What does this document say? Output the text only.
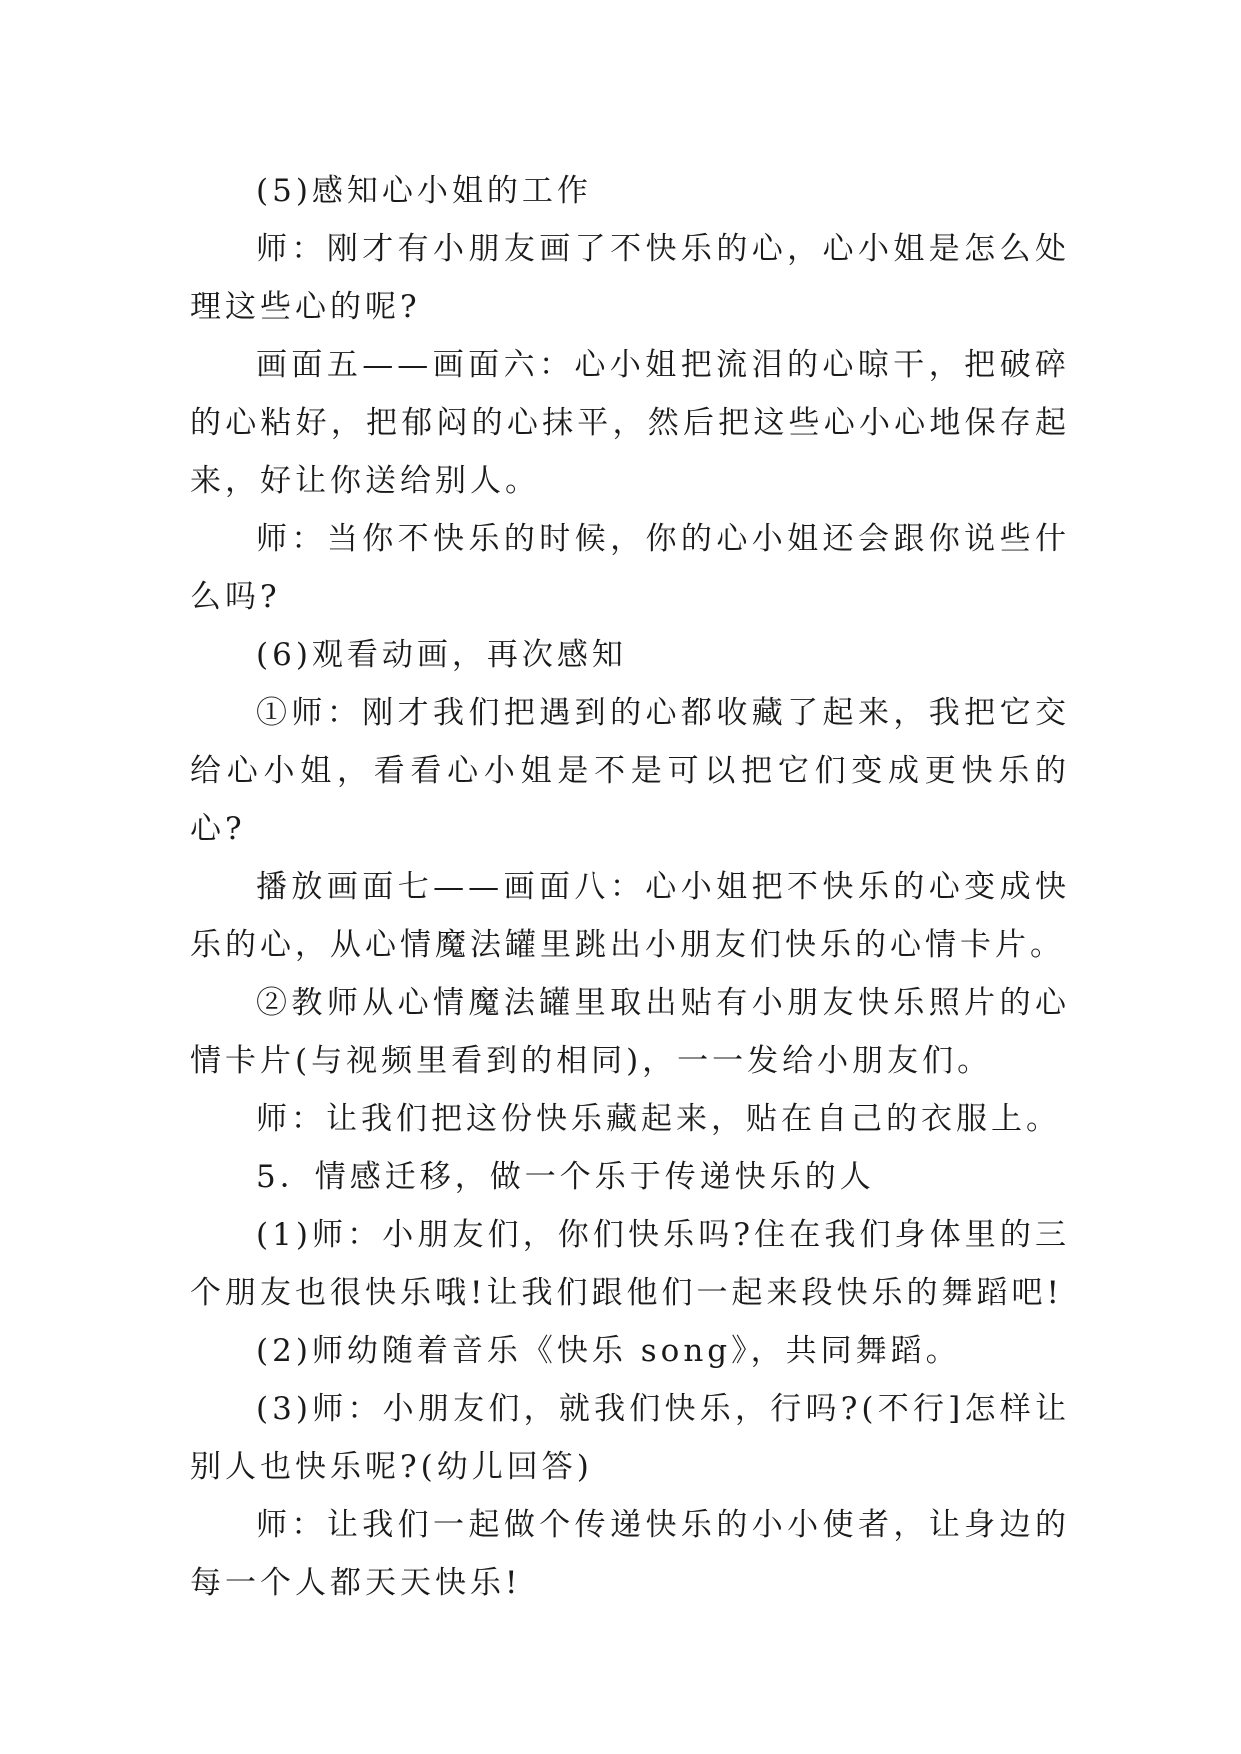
(5)感知心小姐的工作

师：刚才有小朋友画了不快乐的心，心小姐是怎么处理这些心的呢?

画面五——画面六：心小姐把流泪的心晾干，把破碎的心粘好，把郁闷的心抹平，然后把这些心小心地保存起来，好让你送给别人。

师：当你不快乐的时候，你的心小姐还会跟你说些什么吗?

(6)观看动画，再次感知

①师：刚才我们把遇到的心都收藏了起来，我把它交给心小姐，看看心小姐是不是可以把它们变成更快乐的心?

播放画面七——画面八：心小姐把不快乐的心变成快乐的心，从心情魔法罐里跳出小朋友们快乐的心情卡片。

②教师从心情魔法罐里取出贴有小朋友快乐照片的心情卡片(与视频里看到的相同)，一一发给小朋友们。

师：让我们把这份快乐藏起来，贴在自己的衣服上。

5．情感迁移，做一个乐于传递快乐的人

(1)师：小朋友们，你们快乐吗?住在我们身体里的三个朋友也很快乐哦!让我们跟他们一起来段快乐的舞蹈吧!

(2)师幼随着音乐《快乐 song》，共同舞蹈。

(3)师：小朋友们，就我们快乐，行吗?(不行]怎样让别人也快乐呢?(幼儿回答)

师：让我们一起做个传递快乐的小小使者，让身边的每一个人都天天快乐!
